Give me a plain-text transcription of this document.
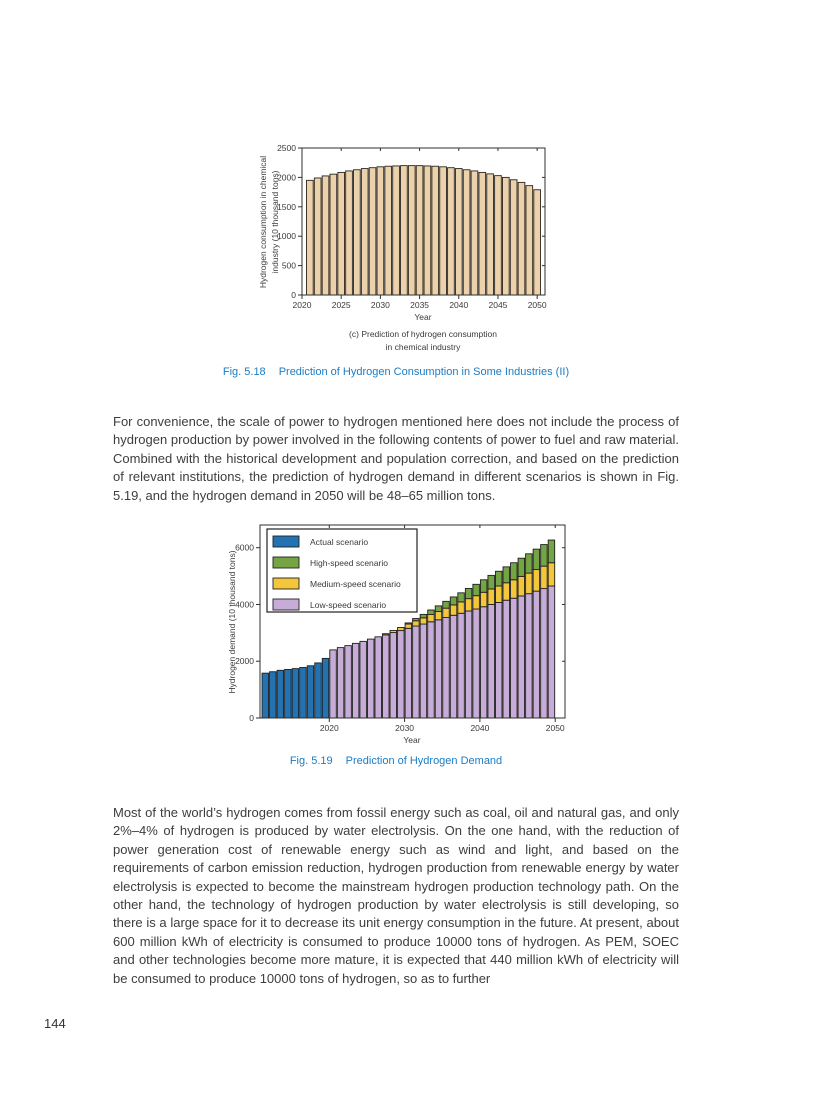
Hydrogen consumption in chemical industry (10 thousand tons)
0
500
1000
1500
2000
2500
2020 2025 2030 2035 2040 2045 2050
Year
(c) Prediction of hydrogen consumption
in chemical industry
Fig. 5.18 Prediction of Hydrogen Consumption in Some Industries (II)

For convenience, the scale of power to hydrogen mentioned here does not include the process of hydrogen production by power involved in the following contents of power to fuel and raw material. Combined with the historical development and population correction, and based on the prediction of relevant institutions, the prediction of hydrogen demand in different scenarios is shown in Fig. 5.19, and the hydrogen demand in 2050 will be 48–65 million tons.

Hydrogen demand (10 thousand tons)
0
2000
4000
6000
2020	2030	2040	2050
Actual scenario
High-speed scenario
Medium-speed scenario
Low-speed scenario
Year
Fig. 5.19 Prediction of Hydrogen Demand

Most of the world’s hydrogen comes from fossil energy such as coal, oil and natural gas, and only 2%–4% of hydrogen is produced by water electrolysis. On the one hand, with the reduction of power generation cost of renewable energy such as wind and light, and based on the requirements of carbon emission reduction, hydrogen production from renewable energy by water electrolysis is expected to become the mainstream hydrogen production technology path. On the other hand, the technology of hydrogen production by water electrolysis is still developing, so there is a large space for it to decrease its unit energy consumption in the future. At present, about 600 million kWh of electricity is consumed to produce 10000 tons of hydrogen. As PEM, SOEC and other technologies become more mature, it is expected that 440 million kWh of electricity will be consumed to produce 10000 tons of hydrogen, so as to further

144
